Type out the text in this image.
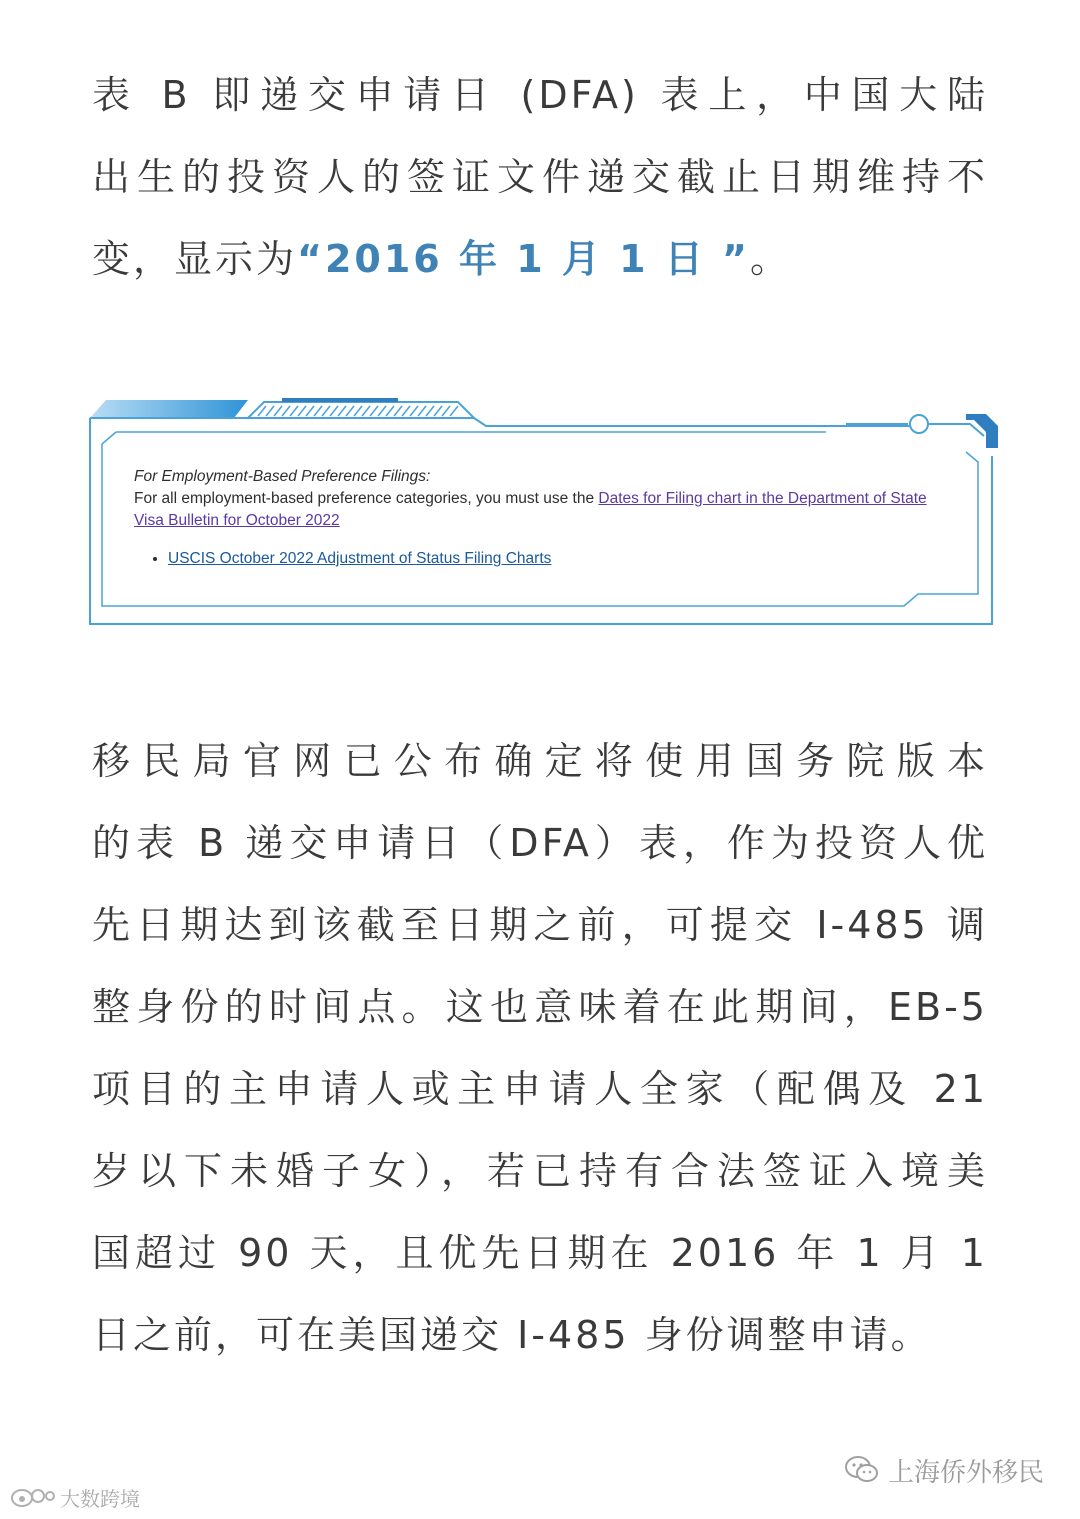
表 B 即递交申请日 (DFA) 表上，中国大陆
出生的投资人的签证文件递交截止日期维持不
变，显示为“2016 年 1 月 1 日 ”。
For Employment-Based Preference Filings:
For all employment-based preference categories, you must use the Dates for Filing chart in the Department of State Visa Bulletin for October 2022
• USCIS October 2022 Adjustment of Status Filing Charts
移民局官网已公布确定将使用国务院版本
的表 B 递交申请日（DFA）表，作为投资人优
先日期达到该截至日期之前，可提交 I-485 调
整身份的时间点。这也意味着在此期间，EB-5
项目的主申请人或主申请人全家（配偶及 21
岁以下未婚子女），若已持有合法签证入境美
国超过 90 天，且优先日期在 2016 年 1 月 1
日之前，可在美国递交 I-485 身份调整申请。
上海侨外移民
大数跨境
